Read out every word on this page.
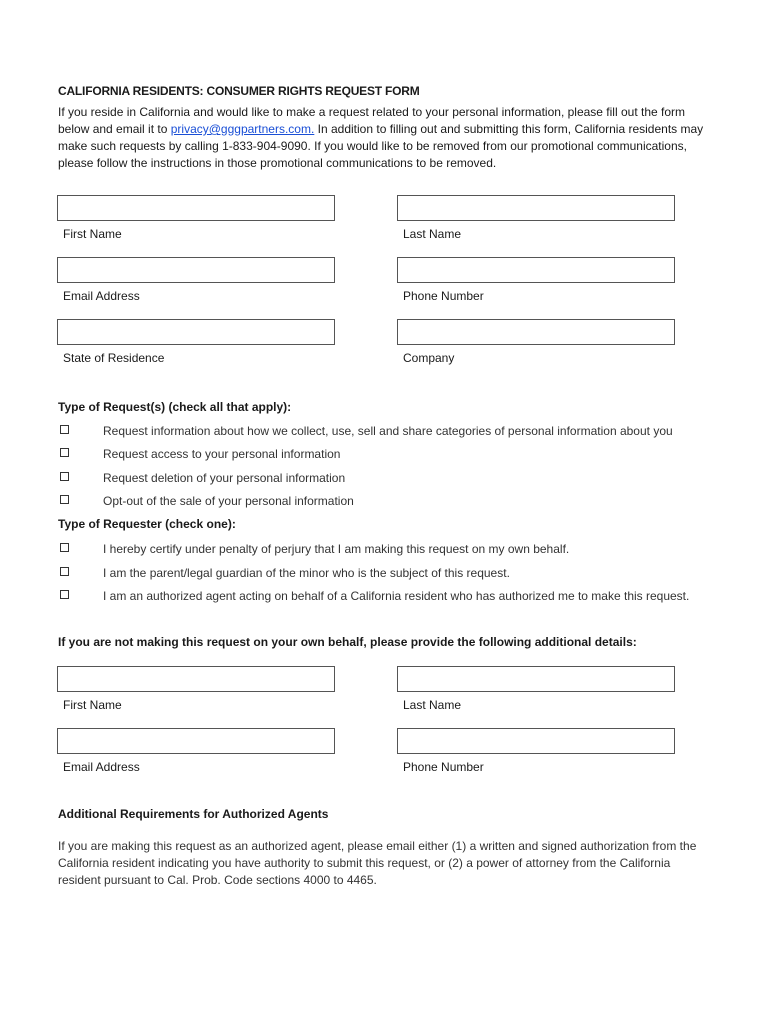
CALIFORNIA RESIDENTS: CONSUMER RIGHTS REQUEST FORM

If you reside in California and would like to make a request related to your personal information, please fill out the form below and email it to privacy@gggpartners.com. In addition to filling out and submitting this form, California residents may make such requests by calling 1-833-904-9090. If you would like to be removed from our promotional communications, please follow the instructions in those promotional communications to be removed.

First Name	Last Name
Email Address	Phone Number
State of Residence	Company
Type of Request(s) (check all that apply):
Request information about how we collect, use, sell and share categories of personal information about you
Request access to your personal information
Request deletion of your personal information
Opt-out of the sale of your personal information
Type of Requester (check one):
I hereby certify under penalty of perjury that I am making this request on my own behalf.
I am the parent/legal guardian of the minor who is the subject of this request.
I am an authorized agent acting on behalf of a California resident who has authorized me to make this request.
If you are not making this request on your own behalf, please provide the following additional details:
First Name	Last Name
Email Address	Phone Number
Additional Requirements for Authorized Agents
If you are making this request as an authorized agent, please email either (1) a written and signed authorization from the California resident indicating you have authority to submit this request, or (2) a power of attorney from the California resident pursuant to Cal. Prob. Code sections 4000 to 4465.
